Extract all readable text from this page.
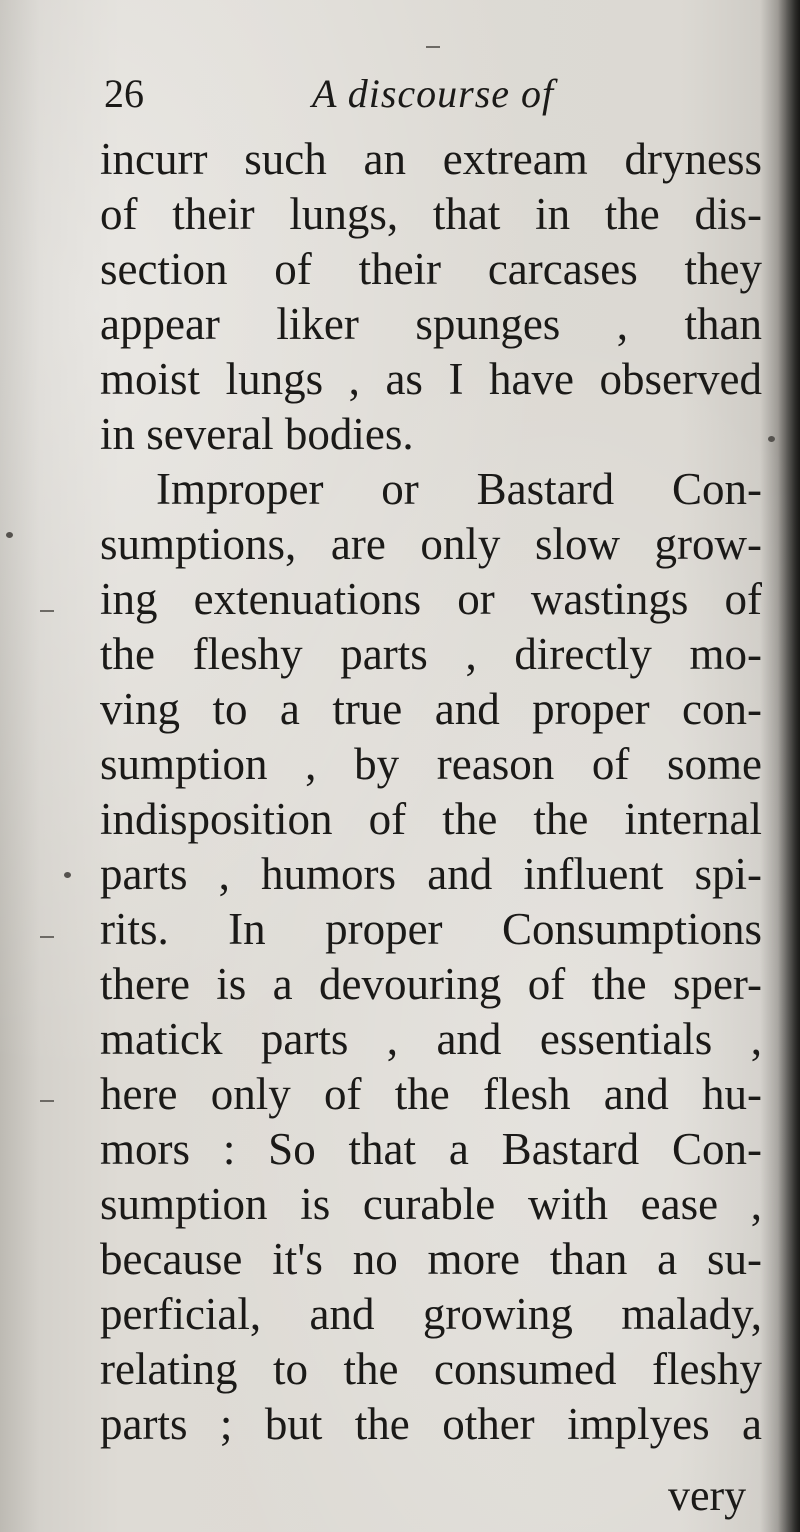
26	A discourse of
incurr such an extream dryness
of their lungs, that in the dis-
section of their carcases they
appear liker spunges , than
moist lungs , as I have observed
in several bodies.
Improper or Bastard Con-
sumptions, are only slow grow-
ing extenuations or wastings of
the fleshy parts , directly mo-
ving to a true and proper con-
sumption , by reason of some
indisposition of the the internal
parts , humors and influent spi-
rits. In proper Consumptions
there is a devouring of the sper-
matick parts , and essentials ,
here only of the flesh and hu-
mors : So that a Bastard Con-
sumption is curable with ease ,
because it's no more than a su-
perficial, and growing malady,
relating to the consumed fleshy
parts ; but the other implyes a
very
